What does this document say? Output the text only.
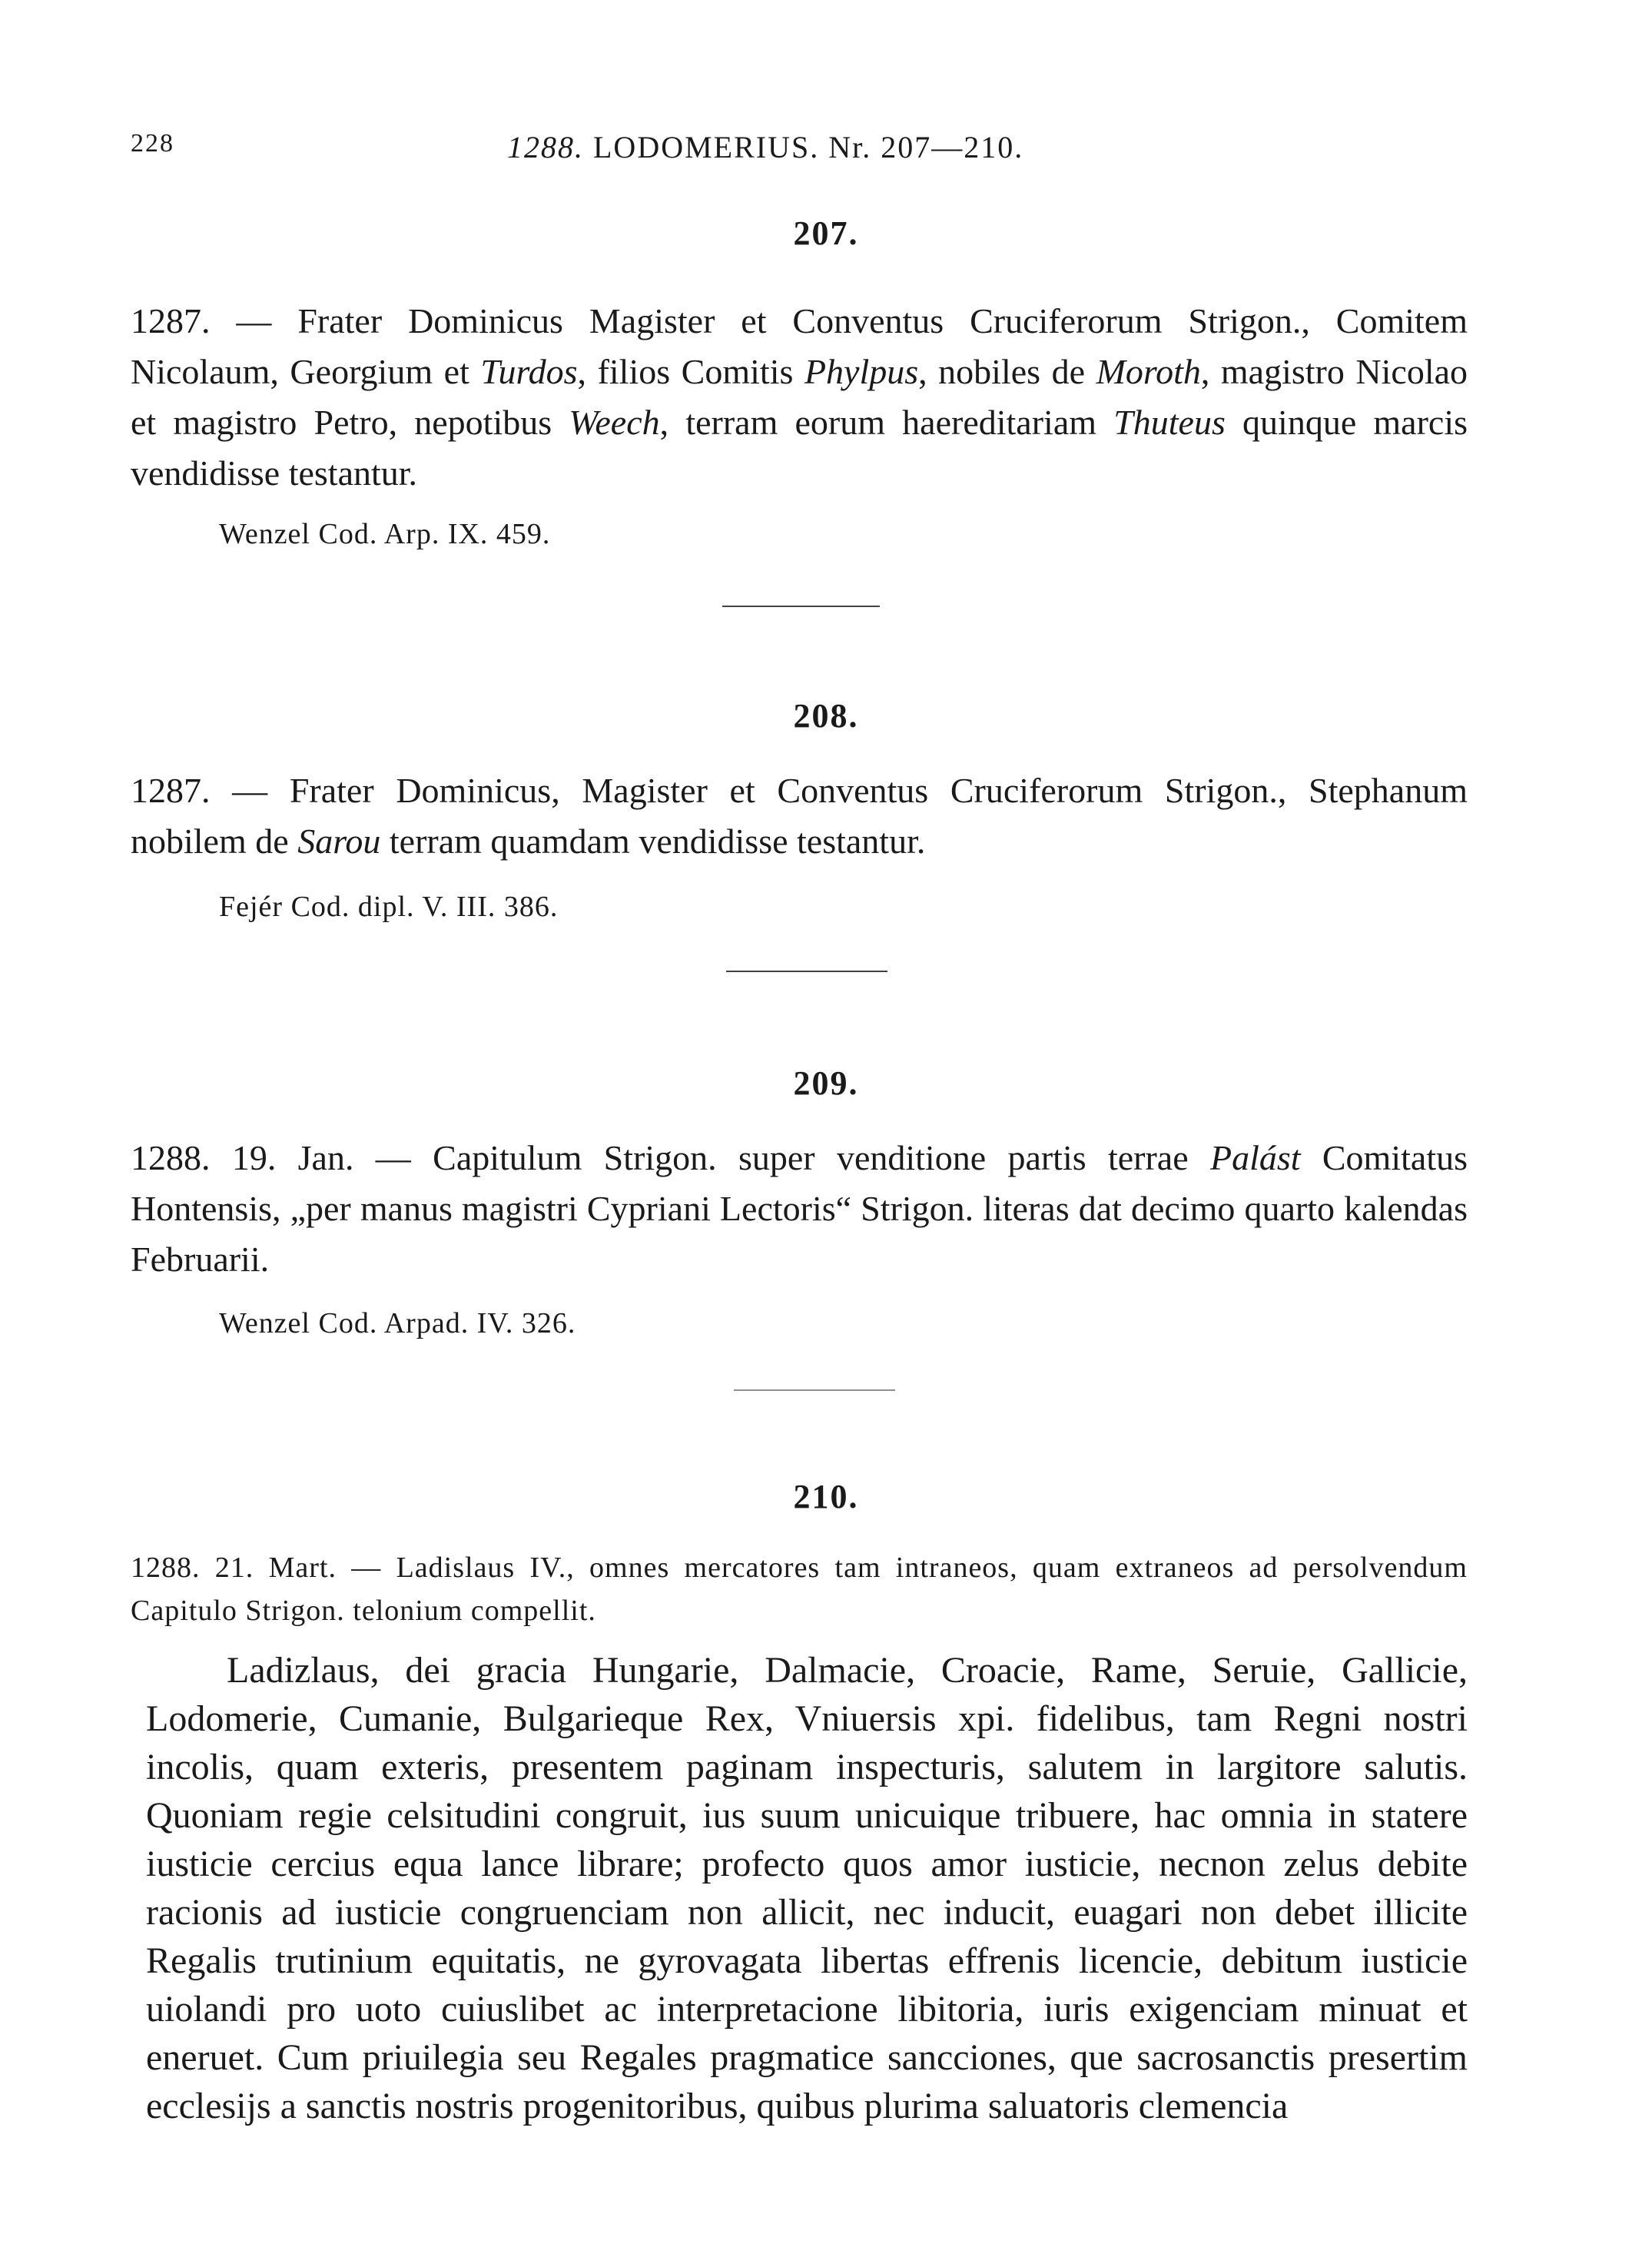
228	1288. LODOMERIUS. Nr. 207—210.
207.

1287. — Frater Dominicus Magister et Conventus Cruciferorum Strigon., Comitem Nicolaum, Georgium et Turdos, filios Comitis Phylpus, nobiles de Moroth, magistro Nicolao et magistro Petro, nepotibus Weech, terram eorum haereditariam Thuteus quinque marcis vendidisse testantur.

Wenzel Cod. Arp. IX. 459.

208.

1287. — Frater Dominicus, Magister et Conventus Cruciferorum Strigon., Stephanum nobilem de Sarou terram quamdam vendidisse testantur.

Fejér Cod. dipl. V. III. 386.

209.

1288. 19. Jan. — Capitulum Strigon. super venditione partis terrae Palást Comitatus Hontensis, „per manus magistri Cypriani Lectoris“ Strigon. literas dat decimo quarto kalendas Februarii.

Wenzel Cod. Arpad. IV. 326.

210.

1288. 21. Mart. — Ladislaus IV., omnes mercatores tam intraneos, quam extraneos ad persolvendum Capitulo Strigon. telonium compellit.

Ladizlaus, dei gracia Hungarie, Dalmacie, Croacie, Rame, Seruie, Gallicie, Lodomerie, Cumanie, Bulgarieque Rex, Vniuersis xpi. fidelibus, tam Regni nostri incolis, quam exteris, presentem paginam inspecturis, salutem in largitore salutis. Quoniam regie celsitudini congruit, ius suum unicuique tribuere, hac omnia in statere iusticie cercius equa lance librare; profecto quos amor iusticie, necnon zelus debite racionis ad iusticie congruenciam non allicit, nec inducit, euagari non debet illicite Regalis trutinium equitatis, ne gyrovagata libertas effrenis licencie, debitum iusticie uiolandi pro uoto cuiuslibet ac interpretacione libitoria, iuris exigenciam minuat et eneruet. Cum priuilegia seu Regales pragmatice sancciones, que sacrosanctis presertim ecclesijs a sanctis nostris progenitoribus, quibus plurima saluatoris clemencia
